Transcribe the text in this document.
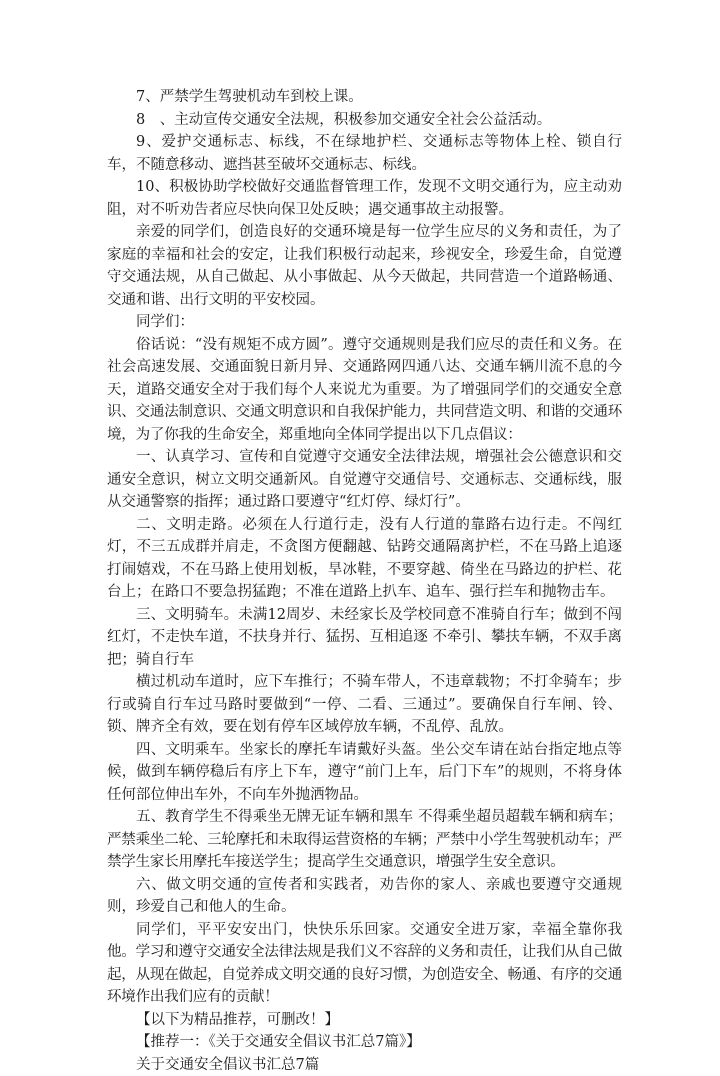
7、严禁学生驾驶机动车到校上课。

8　、主动宣传交通安全法规，积极参加交通安全社会公益活动。

9、爱护交通标志、标线，不在绿地护栏、交通标志等物体上栓、锁自行车，不随意移动、遮挡甚至破坏交通标志、标线。

10、积极协助学校做好交通监督管理工作，发现不文明交通行为，应主动劝阻，对不听劝告者应尽快向保卫处反映；遇交通事故主动报警。

亲爱的同学们，创造良好的交通环境是每一位学生应尽的义务和责任，为了家庭的幸福和社会的安定，让我们积极行动起来，珍视安全，珍爱生命，自觉遵守交通法规，从自己做起、从小事做起、从今天做起，共同营造一个道路畅通、交通和谐、出行文明的平安校园。

同学们：

俗话说：“没有规矩不成方圆”。遵守交通规则是我们应尽的责任和义务。在社会高速发展、交通面貌日新月异、交通路网四通八达、交通车辆川流不息的今天，道路交通安全对于我们每个人来说尤为重要。为了增强同学们的交通安全意识、交通法制意识、交通文明意识和自我保护能力，共同营造文明、和谐的交通环境，为了你我的生命安全，郑重地向全体同学提出以下几点倡议：

一、认真学习、宣传和自觉遵守交通安全法律法规，增强社会公德意识和交通安全意识，树立文明交通新风。自觉遵守交通信号、交通标志、交通标线，服从交通警察的指挥；通过路口要遵守“红灯停、绿灯行”。

二、文明走路。必须在人行道行走，没有人行道的靠路右边行走。不闯红灯，不三五成群并肩走，不贪图方便翻越、钻跨交通隔离护栏，不在马路上追逐打闹嬉戏，不在马路上使用划板，旱冰鞋，不要穿越、倚坐在马路边的护栏、花台上；在路口不要急拐猛跑；不准在道路上扒车、追车、强行拦车和抛物击车。

三、文明骑车。未满12周岁、未经家长及学校同意不准骑自行车；做到不闯红灯，不走快车道，不扶身并行、猛拐、互相追逐 不牵引、攀扶车辆，不双手离把；骑自行车

横过机动车道时，应下车推行；不骑车带人，不违章载物；不打伞骑车；步行或骑自行车过马路时要做到“一停、二看、三通过”。要确保自行车闸、铃、锁、牌齐全有效，要在划有停车区域停放车辆，不乱停、乱放。

四、文明乘车。坐家长的摩托车请戴好头盔。坐公交车请在站台指定地点等候，做到车辆停稳后有序上下车，遵守“前门上车，后门下车”的规则，不将身体任何部位伸出车外，不向车外抛洒物品。

五、教育学生不得乘坐无牌无证车辆和黑车 不得乘坐超员超载车辆和病车；严禁乘坐二轮、三轮摩托和未取得运营资格的车辆；严禁中小学生驾驶机动车；严禁学生家长用摩托车接送学生；提高学生交通意识，增强学生安全意识。

六、做文明交通的宣传者和实践者，劝告你的家人、亲戚也要遵守交通规则，珍爱自己和他人的生命。

同学们，平平安安出门，快快乐乐回家。交通安全进万家，幸福全靠你我他。学习和遵守交通安全法律法规是我们义不容辞的义务和责任，让我们从自己做起，从现在做起，自觉养成文明交通的良好习惯，为创造安全、畅通、有序的交通环境作出我们应有的贡献！

【以下为精品推荐，可删改！】

【推荐一：《关于交通安全倡议书汇总7篇》】

关于交通安全倡议书汇总7篇
